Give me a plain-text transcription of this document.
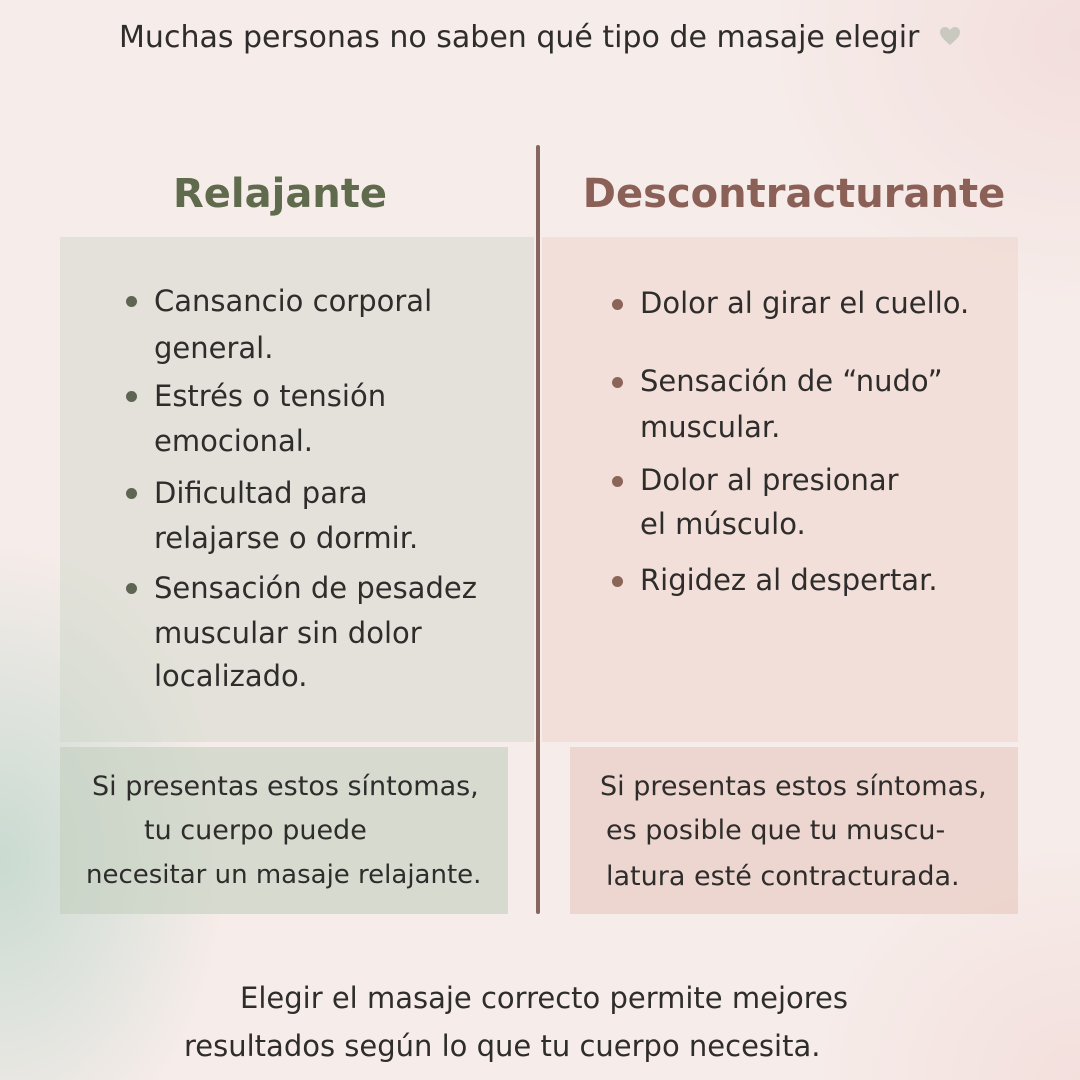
Muchas personas no saben qué tipo de masaje elegir
Relajante	Descontracturante
Cansancio corporal
general.
Estrés o tensión
emocional.
Dificultad para
relajarse o dormir.
Sensación de pesadez
muscular sin dolor
localizado.
Dolor al girar el cuello.
Sensación de “nudo”
muscular.
Dolor al presionar
el músculo.
Rigidez al despertar.
Si presentas estos síntomas,
tu cuerpo puede
necesitar un masaje relajante.
Si presentas estos síntomas,
es posible que tu muscu-
latura esté contracturada.
Elegir el masaje correcto permite mejores
resultados según lo que tu cuerpo necesita.
